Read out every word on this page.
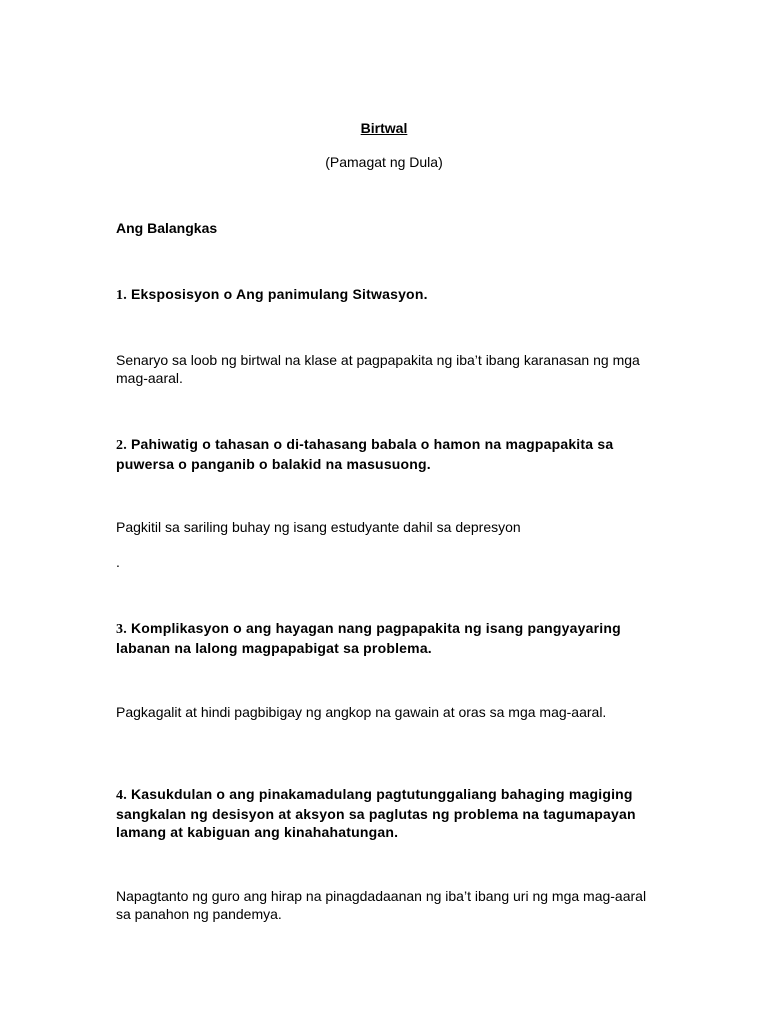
Birtwal
(Pamagat ng Dula)
Ang Balangkas
1. Eksposisyon o Ang panimulang Sitwasyon.
Senaryo sa loob ng birtwal na klase at pagpapakita ng iba’t ibang karanasan ng mga mag-aaral.
2. Pahiwatig o tahasan o di-tahasang babala o hamon na magpapakita sa puwersa o panganib o balakid na masusuong.
Pagkitil sa sariling buhay ng isang estudyante dahil sa depresyon
.
3. Komplikasyon o ang hayagan nang pagpapakita ng isang pangyayaring labanan na lalong magpapabigat sa problema.
Pagkagalit at hindi pagbibigay ng angkop na gawain at oras sa mga mag-aaral.
4. Kasukdulan o ang pinakamadulang pagtutunggaliang bahaging magiging sangkalan ng desisyon at aksyon sa paglutas ng problema na tagumapayan lamang at kabiguan ang kinahahatungan.
Napagtanto ng guro ang hirap na pinagdadaanan ng iba’t ibang uri ng mga mag-aaral sa panahon ng pandemya.
